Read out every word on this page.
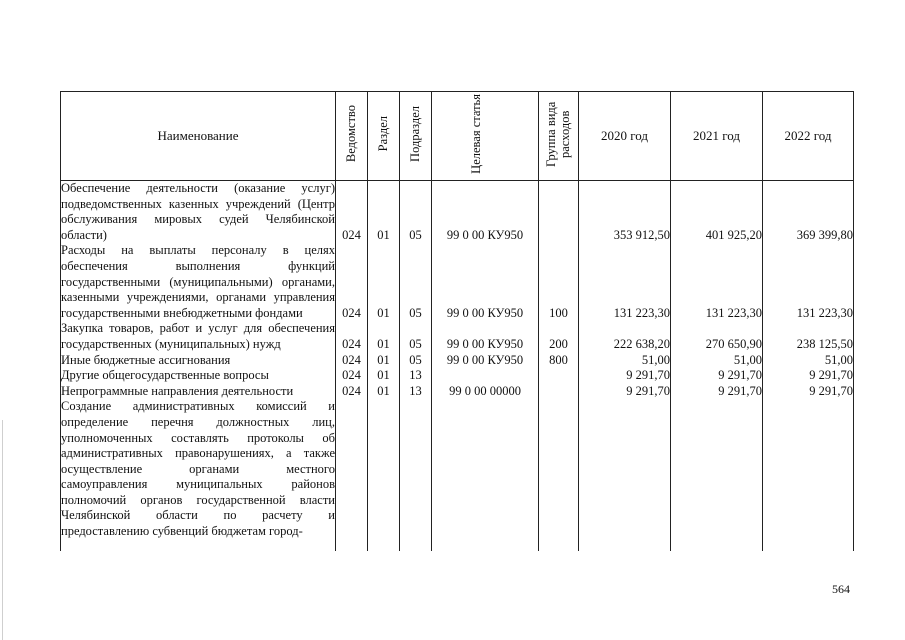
Наименование	Ведомство	Раздел	Подраздел	Целевая статья	Группа вида расходов	2020 год	2021 год	2022 год
Обеспечение деятельности (оказание услуг) подведомственных казенных учреждений (Центр обслуживания мировых судей Челябинской области)	024	01	05	99 0 00 КУ950		353 912,50	401 925,20	369 399,80
Расходы на выплаты персоналу в целях обеспечения выполнения функций государственными (муниципальными) органами, казенными учреждениями, органами управления государственными внебюджетными фондами	024	01	05	99 0 00 КУ950	100	131 223,30	131 223,30	131 223,30
Закупка товаров, работ и услуг для обеспечения государственных (муниципальных) нужд	024	01	05	99 0 00 КУ950	200	222 638,20	270 650,90	238 125,50
Иные бюджетные ассигнования	024	01	05	99 0 00 КУ950	800	51,00	51,00	51,00
Другие общегосударственные вопросы	024	01	13			9 291,70	9 291,70	9 291,70
Непрограммные направления деятельности	024	01	13	99 0 00 00000		9 291,70	9 291,70	9 291,70
Создание административных комиссий и определение перечня должностных лиц, уполномоченных составлять протоколы об административных правонарушениях, а также осуществление органами местного самоуправления муниципальных районов полномочий органов государственной власти Челябинской области по расчету и предоставлению субвенций бюджетам город-								
564
